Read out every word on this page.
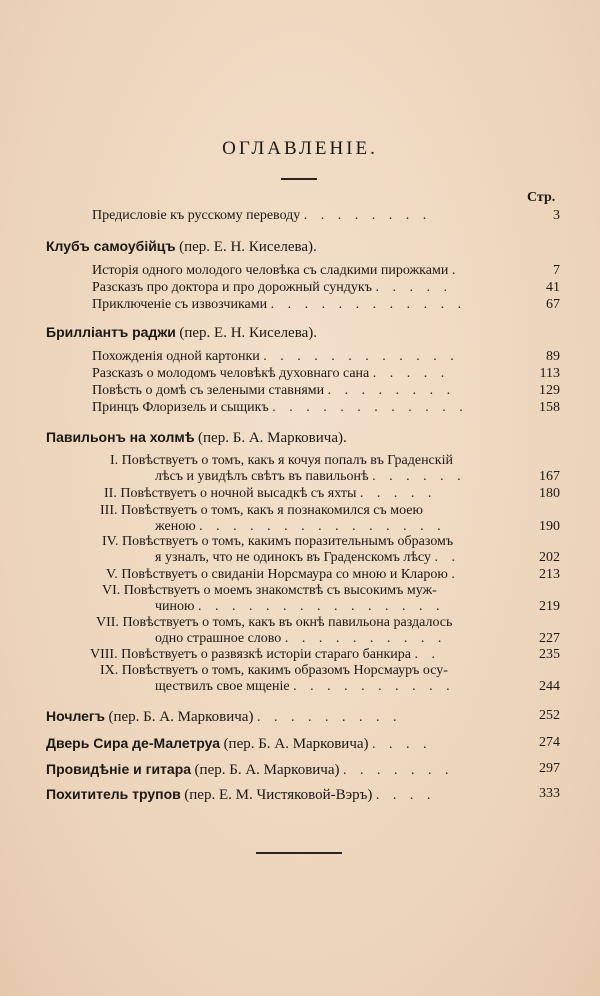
ОГЛАВЛЕНІЕ.
Стр.
Предисловіе къ русскому переводу . . . . . . . .	3
Клубъ самоубійцъ (пер. Е. Н. Киселева).
Исторія одного молодого человѣка съ сладкими пирожками .	7
Разсказъ про доктора и про дорожный сундукъ . . . . .	41
Приключеніе съ извозчиками . . . . . . . . . . . .	67
Бриллiантъ раджи (пер. Е. Н. Киселева).
Похожденія одной картонки . . . . . . . . . . . .	89
Разсказъ о молодомъ человѣкѣ духовнаго сана . . . . .	113
Повѣсть о домѣ съ зелеными ставнями . . . . . . . .	129
Принцъ Флоризель и сыщикъ . . . . . . . . . . . .	158
Павильонъ на холмѣ (пер. Б. А. Марковича).
I. Повѣствуетъ о томъ, какъ я кочуя попалъ въ Граденскій
лѣсъ и увидѣлъ свѣтъ въ павильонѣ . . . . . .	167
II. Повѣствуетъ о ночной высадкѣ съ яхты . . . . .	180
III. Повѣствуетъ о томъ, какъ я познакомился съ моею
женою . . . . . . . . . . . . . . .	190
IV. Повѣствуетъ о томъ, какимъ поразительнымъ образомъ
я узналъ, что не одинокъ въ Граденскомъ лѣсу . .	202
V. Повѣствуетъ о свиданіи Норсмаура со мною и Кларою .	213
VI. Повѣствуетъ о моемъ знакомствѣ съ высокимъ муж-
чиною . . . . . . . . . . . . . . .	219
VII. Повѣствуетъ о томъ, какъ въ окнѣ павильона раздалось
одно страшное слово . . . . . . . . . .	227
VIII. Повѣствуетъ о развязкѣ исторіи стараго банкира . .	235
IX. Повѣствуетъ о томъ, какимъ образомъ Норсмауръ осу-
ществилъ свое мщеніе . . . . . . . . . .	244
Ночлегъ (пер. Б. А. Марковича) . . . . . . . . .	252
Дверь Сира де-Малетруа (пер. Б. А. Марковича) . . . .	274
Провидѣніе и гитара (пер. Б. А. Марковича) . . . . . . .	297
Похититель трупов (пер. Е. М. Чистяковой-Вэръ) . . . .	333
